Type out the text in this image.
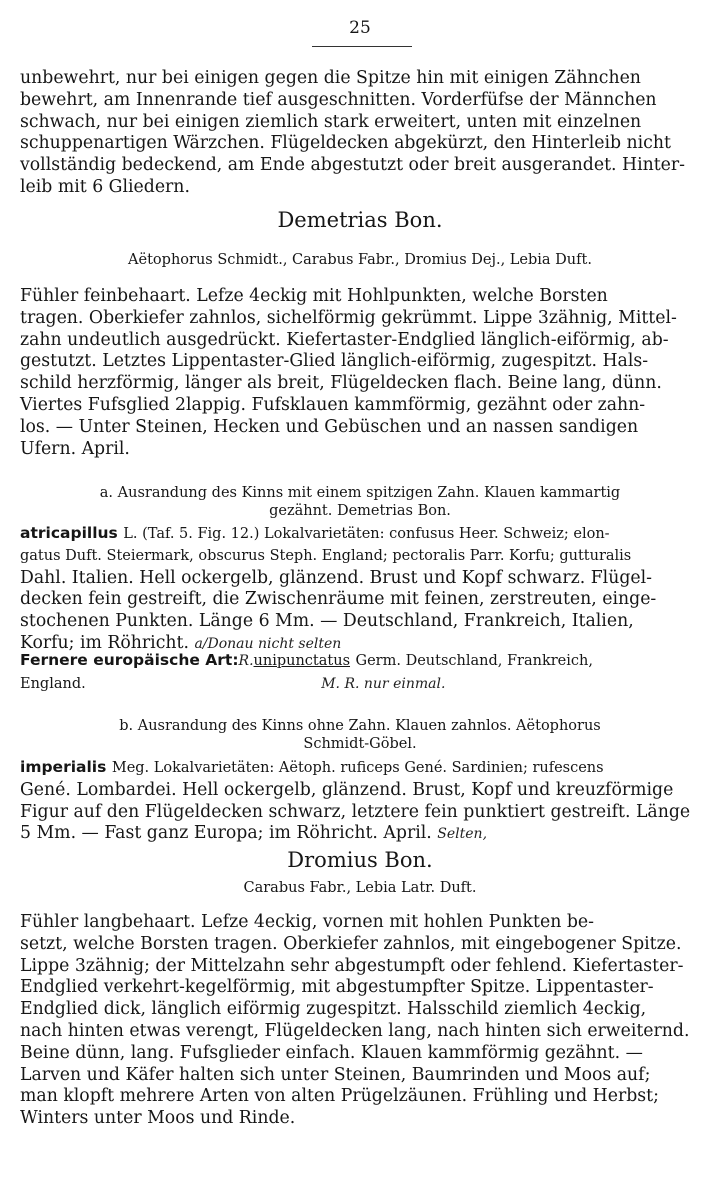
25

unbewehrt, nur bei einigen gegen die Spitze hin mit einigen Zähnchen
bewehrt, am Innenrande tief ausgeschnitten. Vorderfüfse der Männchen
schwach, nur bei einigen ziemlich stark erweitert, unten mit einzelnen
schuppenartigen Wärzchen. Flügeldecken abgekürzt, den Hinterleib nicht
vollständig bedeckend, am Ende abgestutzt oder breit ausgerandet. Hinter-
leib mit 6 Gliedern.

Demetrias Bon.
Aëtophorus Schmidt., Carabus Fabr., Dromius Dej., Lebia Duft.

Fühler feinbehaart. Lefze 4eckig mit Hohlpunkten, welche Borsten
tragen. Oberkiefer zahnlos, sichelförmig gekrümmt. Lippe 3zähnig, Mittel-
zahn undeutlich ausgedrückt. Kiefertaster-Endglied länglich-eiförmig, ab-
gestutzt. Letztes Lippentaster-Glied länglich-eiförmig, zugespitzt. Hals-
schild herzförmig, länger als breit, Flügeldecken flach. Beine lang, dünn.
Viertes Fufsglied 2lappig. Fufsklauen kammförmig, gezähnt oder zahn-
los. — Unter Steinen, Hecken und Gebüschen und an nassen sandigen
Ufern. April.

a. Ausrandung des Kinns mit einem spitzigen Zahn. Klauen kammartig
gezähnt. Demetrias Bon.

atricapillus L. (Taf. 5. Fig. 12.) Lokalvarietäten: confusus Heer. Schweiz; elon-
gatus Duft. Steiermark, obscurus Steph. England; pectoralis Parr. Korfu; gutturalis
Dahl. Italien. Hell ockergelb, glänzend. Brust und Kopf schwarz. Flügel-
decken fein gestreift, die Zwischenräume mit feinen, zerstreuten, einge-
stochenen Punkten. Länge 6 Mm. — Deutschland, Frankreich, Italien,
Korfu; im Röhricht. a/Donau nicht selten

Fernere europäische Art:R.unipunctatus Germ. Deutschland, Frankreich,
England.	M. R. nur einmal.

b. Ausrandung des Kinns ohne Zahn. Klauen zahnlos. Aëtophorus
Schmidt-Göbel.

imperialis Meg. Lokalvarietäten: Aëtoph. ruficeps Gené. Sardinien; rufescens
Gené. Lombardei. Hell ockergelb, glänzend. Brust, Kopf und kreuzförmige
Figur auf den Flügeldecken schwarz, letztere fein punktiert gestreift. Länge
5 Mm. — Fast ganz Europa; im Röhricht. April. Selten,

Dromius Bon.
Carabus Fabr., Lebia Latr. Duft.

Fühler langbehaart. Lefze 4eckig, vornen mit hohlen Punkten be-
setzt, welche Borsten tragen. Oberkiefer zahnlos, mit eingebogener Spitze.
Lippe 3zähnig; der Mittelzahn sehr abgestumpft oder fehlend. Kiefertaster-
Endglied verkehrt-kegelförmig, mit abgestumpfter Spitze. Lippentaster-
Endglied dick, länglich eiförmig zugespitzt. Halsschild ziemlich 4eckig,
nach hinten etwas verengt, Flügeldecken lang, nach hinten sich erweiternd.
Beine dünn, lang. Fufsglieder einfach. Klauen kammförmig gezähnt. —
Larven und Käfer halten sich unter Steinen, Baumrinden und Moos auf;
man klopft mehrere Arten von alten Prügelzäunen. Frühling und Herbst;
Winters unter Moos und Rinde.
